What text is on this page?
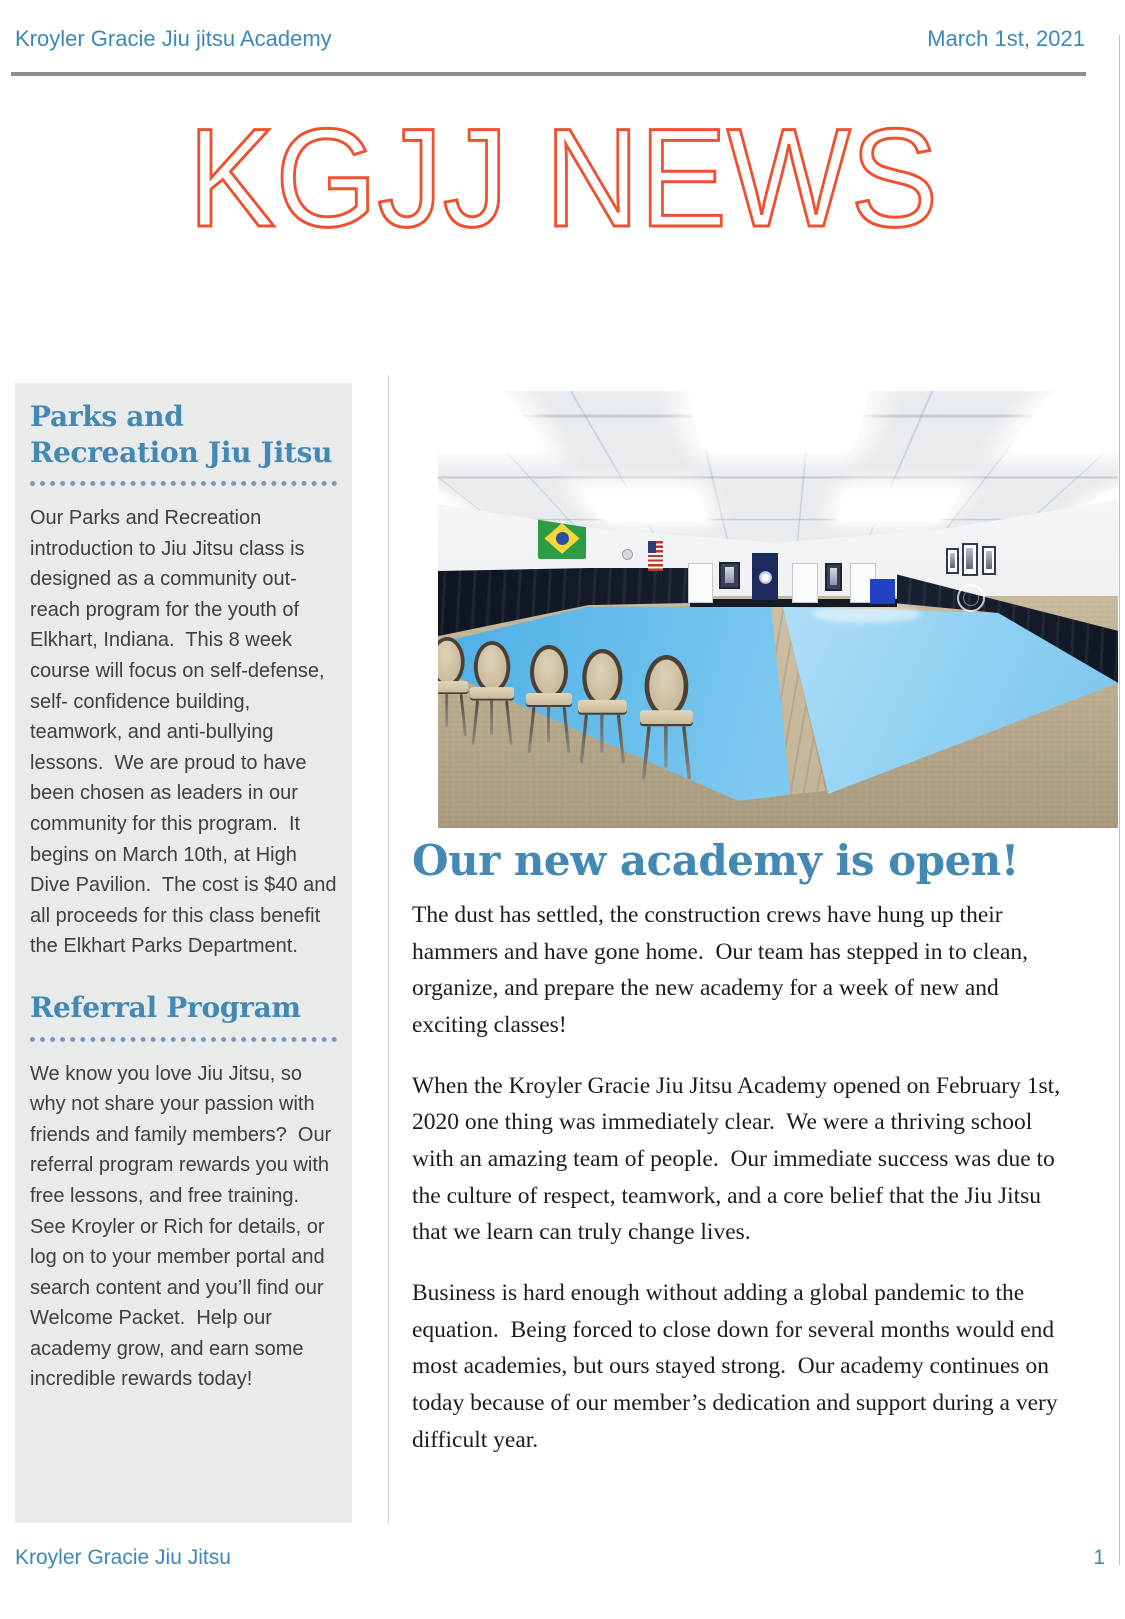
Kroyler Gracie Jiu jitsu Academy	March 1st, 2021
KGJJ NEWS
Parks and Recreation Jiu Jitsu

Our Parks and Recreation introduction to Jiu Jitsu class is designed as a community out-reach program for the youth of Elkhart, Indiana.  This 8 week course will focus on self-defense, self- confidence building, teamwork, and anti-bullying lessons.  We are proud to have been chosen as leaders in our community for this program.  It begins on March 10th, at High Dive Pavilion.  The cost is $40 and all proceeds for this class benefit the Elkhart Parks Department.

Referral Program

We know you love Jiu Jitsu, so why not share your passion with friends and family members?  Our referral program rewards you with free lessons, and free training.  See Kroyler or Rich for details, or log on to your member portal and search content and you’ll find our Welcome Packet.  Help our academy grow, and earn some incredible rewards today!

Our new academy is open!

The dust has settled, the construction crews have hung up their hammers and have gone home.  Our team has stepped in to clean, organize, and prepare the new academy for a week of new and exciting classes!

When the Kroyler Gracie Jiu Jitsu Academy opened on February 1st, 2020 one thing was immediately clear.  We were a thriving school with an amazing team of people.  Our immediate success was due to the culture of respect, teamwork, and a core belief that the Jiu Jitsu that we learn can truly change lives.

Business is hard enough without adding a global pandemic to the equation.  Being forced to close down for several months would end most academies, but ours stayed strong.  Our academy continues on today because of our member’s dedication and support during a very difficult year.

Kroyler Gracie Jiu Jitsu	1
